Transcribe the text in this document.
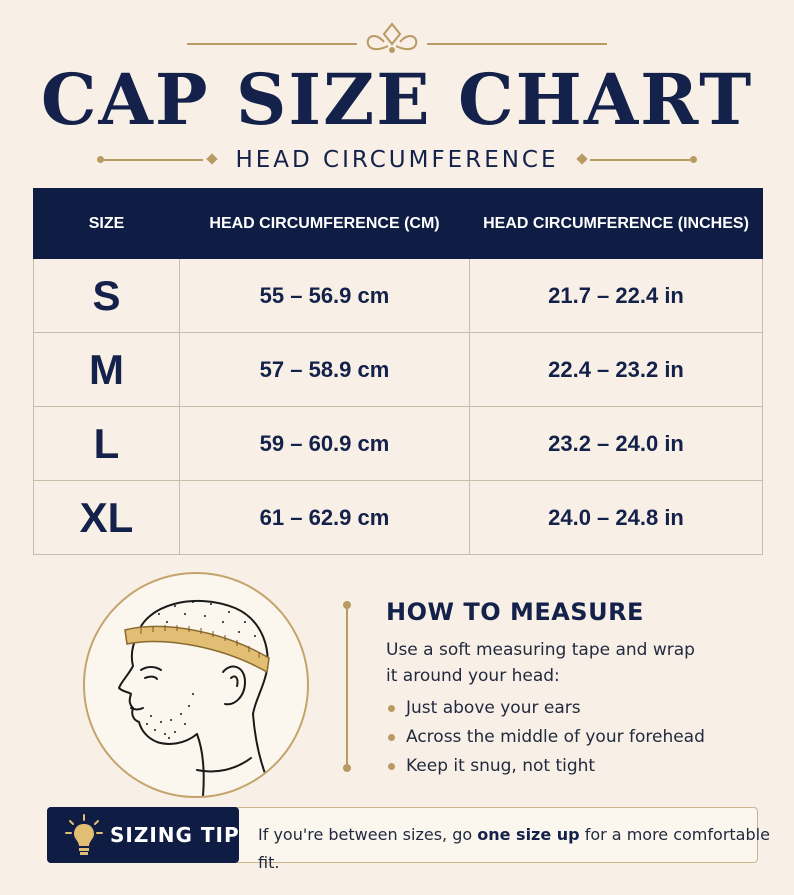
CAP SIZE CHART
HEAD CIRCUMFERENCE
SIZE	HEAD CIRCUMFERENCE (CM)	HEAD CIRCUMFERENCE (INCHES)
S	55 – 56.9 cm	21.7 – 22.4 in
M	57 – 58.9 cm	22.4 – 23.2 in
L	59 – 60.9 cm	23.2 – 24.0 in
XL	61 – 62.9 cm	24.0 – 24.8 in
HOW TO MEASURE
Use a soft measuring tape and wrap it around your head:
Just above your ears
Across the middle of your forehead
Keep it snug, not tight
SIZING TIP If you're between sizes, go one size up for a more comfortable fit.
